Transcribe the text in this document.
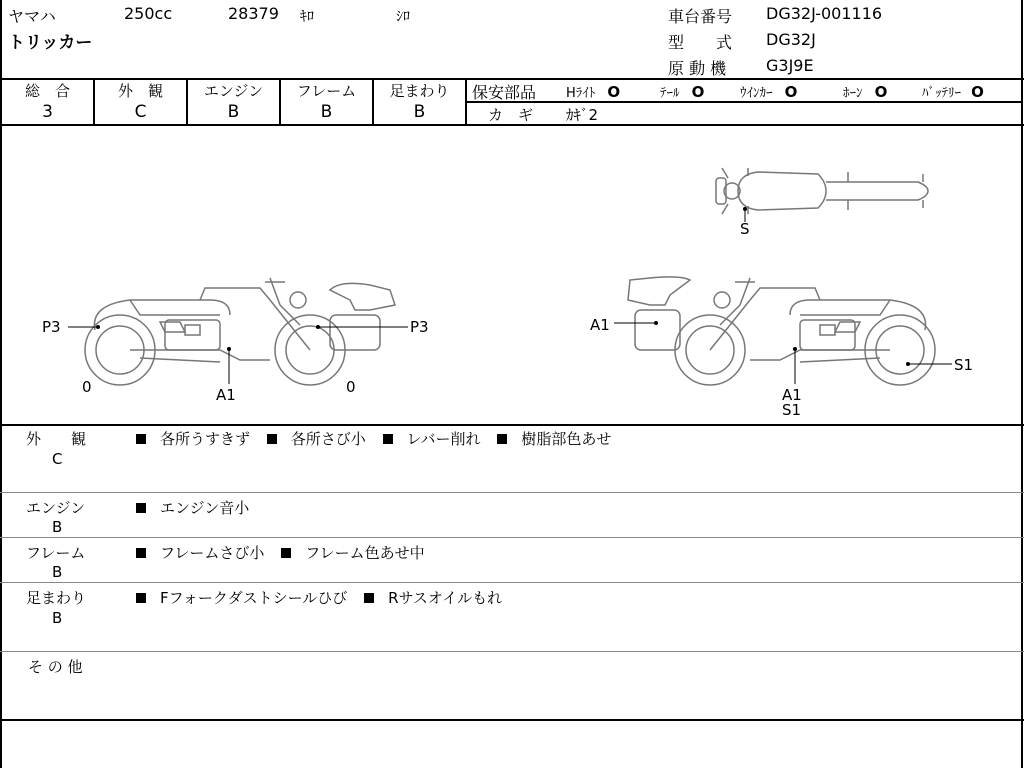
ヤマハ	250cc	28379 ｷﾛ	ｼﾛ
トリッカー
車台番号 DG32J-001116
型　　式 DG32J
原 動 機 G3J9E
総　合	外　観	エンジン	フレーム	足まわり
3	C	B	B	B
保安部品 Hﾗｲﾄ O	ﾃｰﾙ O	ｳｲﾝｶｰ O	ﾎｰﾝ O	ﾊﾞｯﾃﾘｰ O
カ　ギ ｶｷﾞ2
P3	P3
A1
0	0
A1
A1
S1
S1
S
外　　観
C
各所うすきず	各所さび小	レバー削れ	樹脂部色あせ
エンジン
B
エンジン音小
フレーム
B
フレームさび小	フレーム色あせ中
足まわり
B
Fフォークダストシールひび	Rサスオイルもれ
そ の 他
